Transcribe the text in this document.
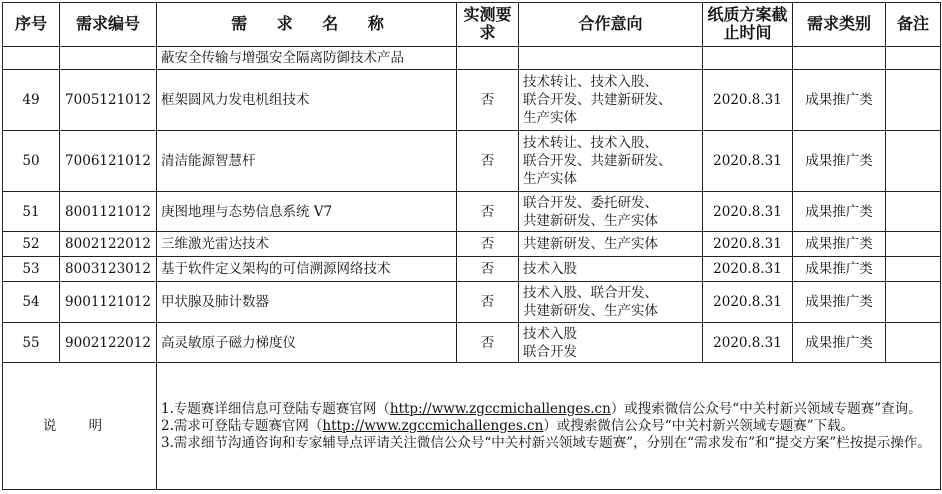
序号	需求编号	需 求 名 称	实测要求	合作意向	纸质方案截止时间	需求类别	备注
		蔽安全传输与增强安全隔离防御技术产品					
49	7005121012	框架圆风力发电机组技术	否	技术转让、技术入股、
联合开发、共建新研发、
生产实体	2020.8.31	成果推广类	
50	7006121012	清洁能源智慧杆	否	技术转让、技术入股、
联合开发、共建新研发、
生产实体	2020.8.31	成果推广类	
51	8001121012	庚图地理与态势信息系统 V7	否	联合开发、委托研发、
共建新研发、生产实体	2020.8.31	成果推广类	
52	8002122012	三维激光雷达技术	否	共建新研发、生产实体	2020.8.31	成果推广类	
53	8003123012	基于软件定义架构的可信溯源网络技术	否	技术入股	2020.8.31	成果推广类	
54	9001121012	甲状腺及肺计数器	否	技术入股、联合开发、
共建新研发、生产实体	2020.8.31	成果推广类	
55	9002122012	高灵敏原子磁力梯度仪	否	技术入股
联合开发	2020.8.31	成果推广类	
说 明		1.专题赛详细信息可登陆专题赛官网（http://www.zgccmichallenges.cn）或搜索微信公众号“中关村新兴领域专题赛”查询。

2.需求可登陆专题赛官网（http://www.zgccmichallenges.cn）或搜索微信公众号“中关村新兴领域专题赛”下载。

3.需求细节沟通咨询和专家辅导点评请关注微信公众号“中关村新兴领域专题赛”，分别在“需求发布”和“提交方案”栏按提示操作。					
